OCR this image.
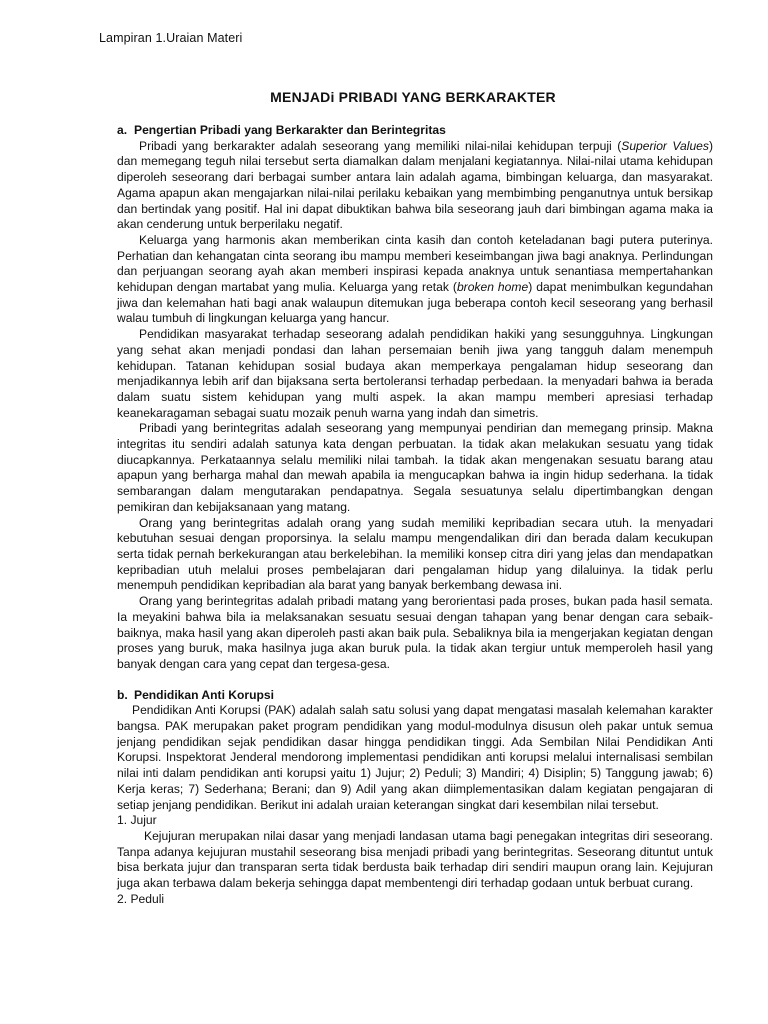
Lampiran 1.Uraian Materi
MENJADi PRIBADI YANG BERKARAKTER

a. Pengertian Pribadi yang Berkarakter dan Berintegritas

Pribadi yang berkarakter adalah seseorang yang memiliki nilai-nilai kehidupan terpuji (Superior Values) dan memegang teguh nilai tersebut serta diamalkan dalam menjalani kegiatannya. Nilai-nilai utama kehidupan diperoleh seseorang dari berbagai sumber antara lain adalah agama, bimbingan keluarga, dan masyarakat. Agama apapun akan mengajarkan nilai-nilai perilaku kebaikan yang membimbing penganutnya untuk bersikap dan bertindak yang positif. Hal ini dapat dibuktikan bahwa bila seseorang jauh dari bimbingan agama maka ia akan cenderung untuk berperilaku negatif.

Keluarga yang harmonis akan memberikan cinta kasih dan contoh keteladanan bagi putera puterinya. Perhatian dan kehangatan cinta seorang ibu mampu memberi keseimbangan jiwa bagi anaknya. Perlindungan dan perjuangan seorang ayah akan memberi inspirasi kepada anaknya untuk senantiasa mempertahankan kehidupan dengan martabat yang mulia. Keluarga yang retak (broken home) dapat menimbulkan kegundahan jiwa dan kelemahan hati bagi anak walaupun ditemukan juga beberapa contoh kecil seseorang yang berhasil walau tumbuh di lingkungan keluarga yang hancur.

Pendidikan masyarakat terhadap seseorang adalah pendidikan hakiki yang sesungguhnya. Lingkungan yang sehat akan menjadi pondasi dan lahan persemaian benih jiwa yang tangguh dalam menempuh kehidupan. Tatanan kehidupan sosial budaya akan memperkaya pengalaman hidup seseorang dan menjadikannya lebih arif dan bijaksana serta bertoleransi terhadap perbedaan. Ia menyadari bahwa ia berada dalam suatu sistem kehidupan yang multi aspek. Ia akan mampu memberi apresiasi terhadap keanekaragaman sebagai suatu mozaik penuh warna yang indah dan simetris.

Pribadi yang berintegritas adalah seseorang yang mempunyai pendirian dan memegang prinsip. Makna integritas itu sendiri adalah satunya kata dengan perbuatan. Ia tidak akan melakukan sesuatu yang tidak diucapkannya. Perkataannya selalu memiliki nilai tambah. Ia tidak akan mengenakan sesuatu barang atau apapun yang berharga mahal dan mewah apabila ia mengucapkan bahwa ia ingin hidup sederhana. Ia tidak sembarangan dalam mengutarakan pendapatnya. Segala sesuatunya selalu dipertimbangkan dengan pemikiran dan kebijaksanaan yang matang.

Orang yang berintegritas adalah orang yang sudah memiliki kepribadian secara utuh. Ia menyadari kebutuhan sesuai dengan proporsinya. Ia selalu mampu mengendalikan diri dan berada dalam kecukupan serta tidak pernah berkekurangan atau berkelebihan. Ia memiliki konsep citra diri yang jelas dan mendapatkan kepribadian utuh melalui proses pembelajaran dari pengalaman hidup yang dilaluinya. Ia tidak perlu menempuh pendidikan kepribadian ala barat yang banyak berkembang dewasa ini.

Orang yang berintegritas adalah pribadi matang yang berorientasi pada proses, bukan pada hasil semata. Ia meyakini bahwa bila ia melaksanakan sesuatu sesuai dengan tahapan yang benar dengan cara sebaik-baiknya, maka hasil yang akan diperoleh pasti akan baik pula. Sebaliknya bila ia mengerjakan kegiatan dengan proses yang buruk, maka hasilnya juga akan buruk pula. Ia tidak akan tergiur untuk memperoleh hasil yang banyak dengan cara yang cepat dan tergesa-gesa.

b. Pendidikan Anti Korupsi

Pendidikan Anti Korupsi (PAK) adalah salah satu solusi yang dapat mengatasi masalah kelemahan karakter bangsa. PAK merupakan paket program pendidikan yang modul-modulnya disusun oleh pakar untuk semua jenjang pendidikan sejak pendidikan dasar hingga pendidikan tinggi. Ada Sembilan Nilai Pendidikan Anti Korupsi. Inspektorat Jenderal mendorong implementasi pendidikan anti korupsi melalui internalisasi sembilan nilai inti dalam pendidikan anti korupsi yaitu 1) Jujur; 2) Peduli; 3) Mandiri; 4) Disiplin; 5) Tanggung jawab; 6) Kerja keras; 7) Sederhana; Berani; dan 9) Adil yang akan diimplementasikan dalam kegiatan pengajaran di setiap jenjang pendidikan. Berikut ini adalah uraian keterangan singkat dari kesembilan nilai tersebut.

1. Jujur

Kejujuran merupakan nilai dasar yang menjadi landasan utama bagi penegakan integritas diri seseorang. Tanpa adanya kejujuran mustahil seseorang bisa menjadi pribadi yang berintegritas. Seseorang dituntut untuk bisa berkata jujur dan transparan serta tidak berdusta baik terhadap diri sendiri maupun orang lain. Kejujuran juga akan terbawa dalam bekerja sehingga dapat membentengi diri terhadap godaan untuk berbuat curang.

2. Peduli
